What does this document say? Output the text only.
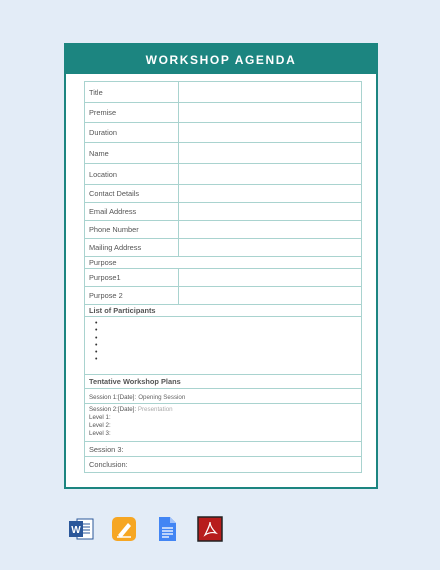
WORKSHOP AGENDA
Title	
Premise	
Duration	
Name	
Location	
Contact Details	
Email Address	
Phone Number	
Mailing Address	
Purpose	
Purpose1	
Purpose 2	
List of Participants	

•
•
•
•
•
•

Tentative Workshop Plans	
Session 1:[Date]: Opening Session	

Session 2:[Date]: Presentation
Level 1:
Level 2:
Level 3:	

Session 3:	
Conclusion:	
W
